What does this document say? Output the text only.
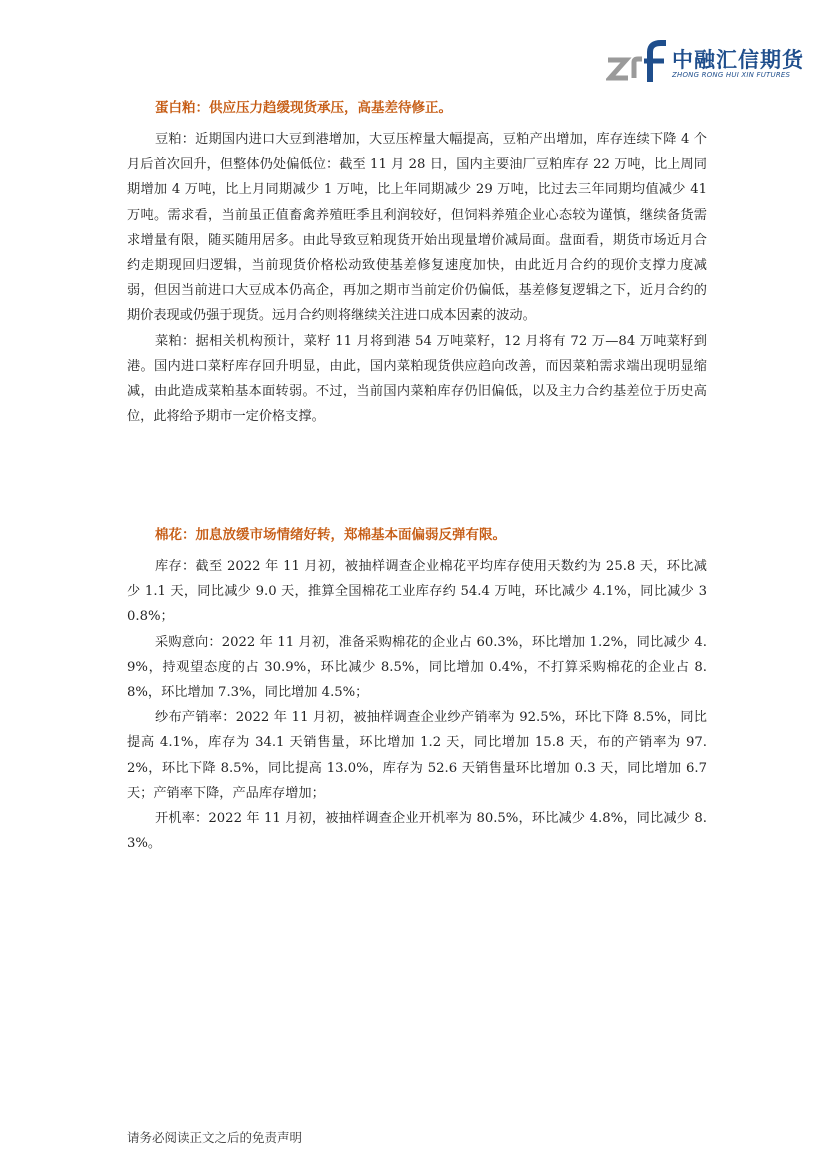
中融汇信期货
ZHONG RONG HUI XIN FUTURES
蛋白粕：供应压力趋缓现货承压，高基差待修正。

豆粕：近期国内进口大豆到港增加，大豆压榨量大幅提高，豆粕产出增加，库存连续下降 4 个月后首次回升，但整体仍处偏低位：截至 11 月 28 日，国内主要油厂豆粕库存 22 万吨，比上周同期增加 4 万吨，比上月同期减少 1 万吨，比上年同期减少 29 万吨，比过去三年同期均值减少 41 万吨。需求看，当前虽正值畜禽养殖旺季且利润较好，但饲料养殖企业心态较为谨慎，继续备货需求增量有限，随买随用居多。由此导致豆粕现货开始出现量增价减局面。盘面看，期货市场近月合约走期现回归逻辑，当前现货价格松动致使基差修复速度加快，由此近月合约的现价支撑力度减弱，但因当前进口大豆成本仍高企，再加之期市当前定价仍偏低，基差修复逻辑之下，近月合约的期价表现或仍强于现货。远月合约则将继续关注进口成本因素的波动。

菜粕：据相关机构预计，菜籽 11 月将到港 54 万吨菜籽，12 月将有 72 万—84 万吨菜籽到港。国内进口菜籽库存回升明显，由此，国内菜粕现货供应趋向改善，而因菜粕需求端出现明显缩减，由此造成菜粕基本面转弱。不过，当前国内菜粕库存仍旧偏低，以及主力合约基差位于历史高位，此将给予期市一定价格支撑。

棉花：加息放缓市场情绪好转，郑棉基本面偏弱反弹有限。

库存：截至 2022 年 11 月初，被抽样调查企业棉花平均库存使用天数约为 25.8 天，环比减少 1.1 天，同比减少 9.0 天，推算全国棉花工业库存约 54.4 万吨，环比减少 4.1%，同比减少 30.8%；

采购意向：2022 年 11 月初，准备采购棉花的企业占 60.3%，环比增加 1.2%，同比减少 4.9%，持观望态度的占 30.9%，环比减少 8.5%，同比增加 0.4%，不打算采购棉花的企业占 8.8%，环比增加 7.3%，同比增加 4.5%；

纱布产销率：2022 年 11 月初，被抽样调查企业纱产销率为 92.5%，环比下降 8.5%，同比提高 4.1%，库存为 34.1 天销售量，环比增加 1.2 天，同比增加 15.8 天，布的产销率为 97.2%，环比下降 8.5%，同比提高 13.0%，库存为 52.6 天销售量环比增加 0.3 天，同比增加 6.7 天；产销率下降，产品库存增加；

开机率：2022 年 11 月初，被抽样调查企业开机率为 80.5%，环比减少 4.8%，同比减少 8.3%。

请务必阅读正文之后的免责声明
